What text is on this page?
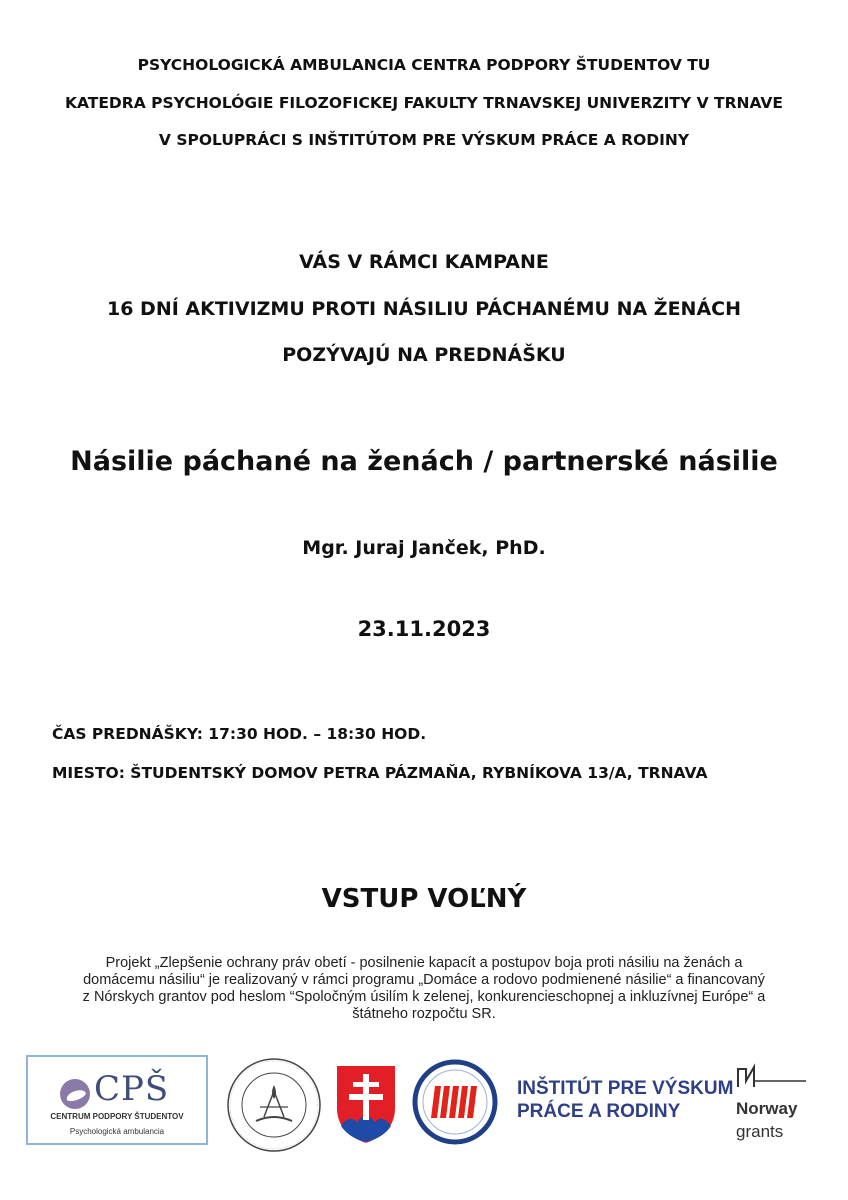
PSYCHOLOGICKÁ AMBULANCIA CENTRA PODPORY ŠTUDENTOV TU
KATEDRA PSYCHOLÓGIE FILOZOFICKEJ FAKULTY TRNAVSKEJ UNIVERZITY V TRNAVE
V SPOLUPRÁCI S INŠTITÚTOM PRE VÝSKUM PRÁCE A RODINY
VÁS V RÁMCI KAMPANE
16 DNÍ AKTIVIZMU PROTI NÁSILIU PÁCHANÉMU NA ŽENÁCH
POZÝVAJÚ NA PREDNÁŠKU
Násilie páchané na ženách / partnerské násilie
Mgr. Juraj Janček, PhD.
23.11.2023
ČAS PREDNÁŠKY: 17:30 HOD. – 18:30 HOD.
MIESTO: ŠTUDENTSKÝ DOMOV PETRA PÁZMAŇA, RYBNÍKOVA 13/A, TRNAVA
VSTUP VOĽNÝ
Projekt „Zlepšenie ochrany práv obetí - posilnenie kapacít a postupov boja proti násiliu na ženách a
domácemu násiliu“ je realizovaný v rámci programu „Domáce a rodovo podmienené násilie“ a financovaný
z Nórskych grantov pod heslom “Spoločným úsilím k zelenej, konkurencieschopnej a inkluzívnej Európe“ a
štátneho rozpočtu SR.
CPŠ
CENTRUM PODPORY ŠTUDENTOV
Psychologická ambulancia
INŠTITÚT PRE VÝSKUM
PRÁCE A RODINY	Norway
grants
